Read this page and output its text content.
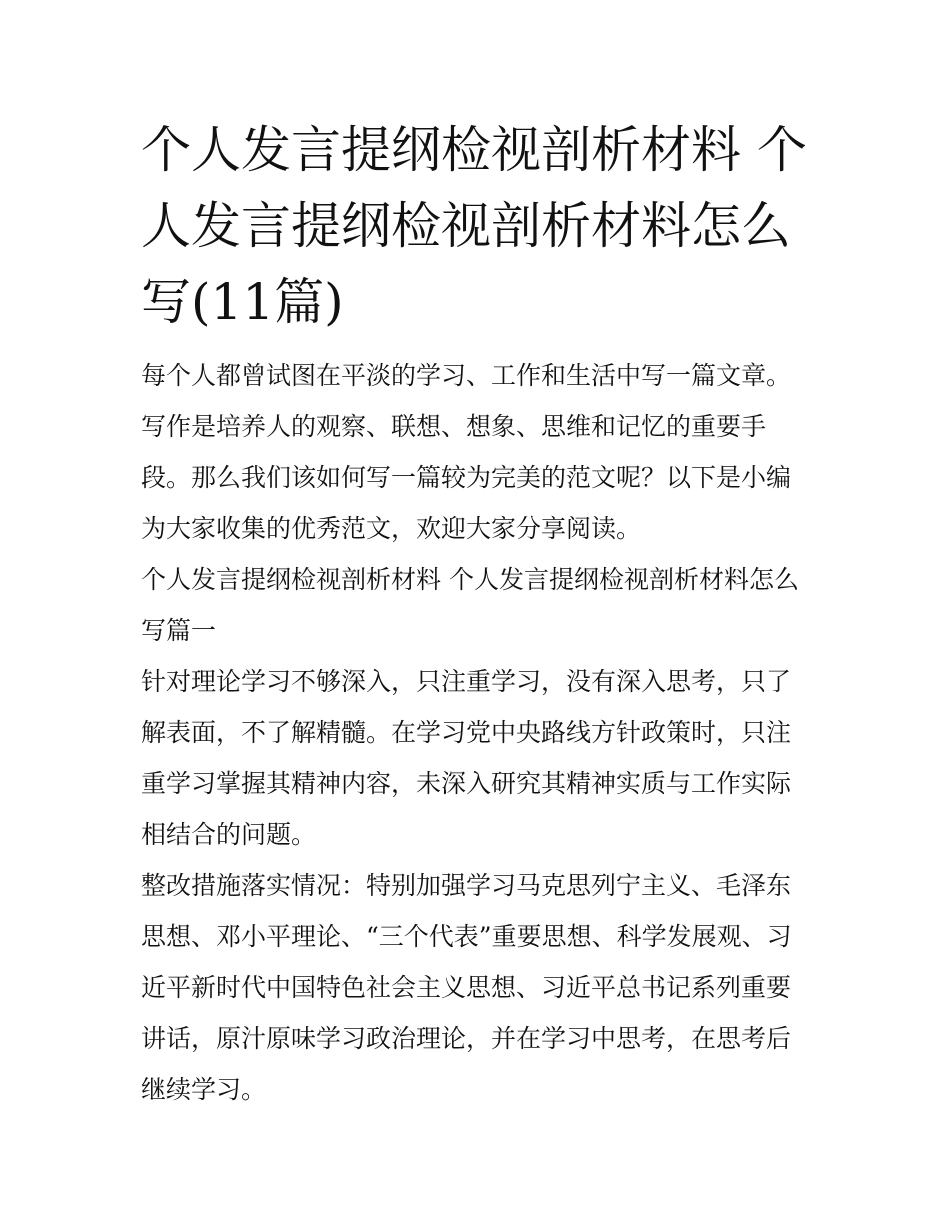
个人发言提纲检视剖析材料 个人发言提纲检视剖析材料怎么写(11篇)

每个人都曾试图在平淡的学习、工作和生活中写一篇文章。写作是培养人的观察、联想、想象、思维和记忆的重要手段。那么我们该如何写一篇较为完美的范文呢？以下是小编为大家收集的优秀范文，欢迎大家分享阅读。

个人发言提纲检视剖析材料 个人发言提纲检视剖析材料怎么写篇一

针对理论学习不够深入，只注重学习，没有深入思考，只了解表面，不了解精髓。在学习党中央路线方针政策时，只注重学习掌握其精神内容，未深入研究其精神实质与工作实际相结合的问题。

整改措施落实情况：特别加强学习马克思列宁主义、毛泽东思想、邓小平理论、“三个代表”重要思想、科学发展观、习近平新时代中国特色社会主义思想、习近平总书记系列重要讲话，原汁原味学习政治理论，并在学习中思考，在思考后继续学习。
